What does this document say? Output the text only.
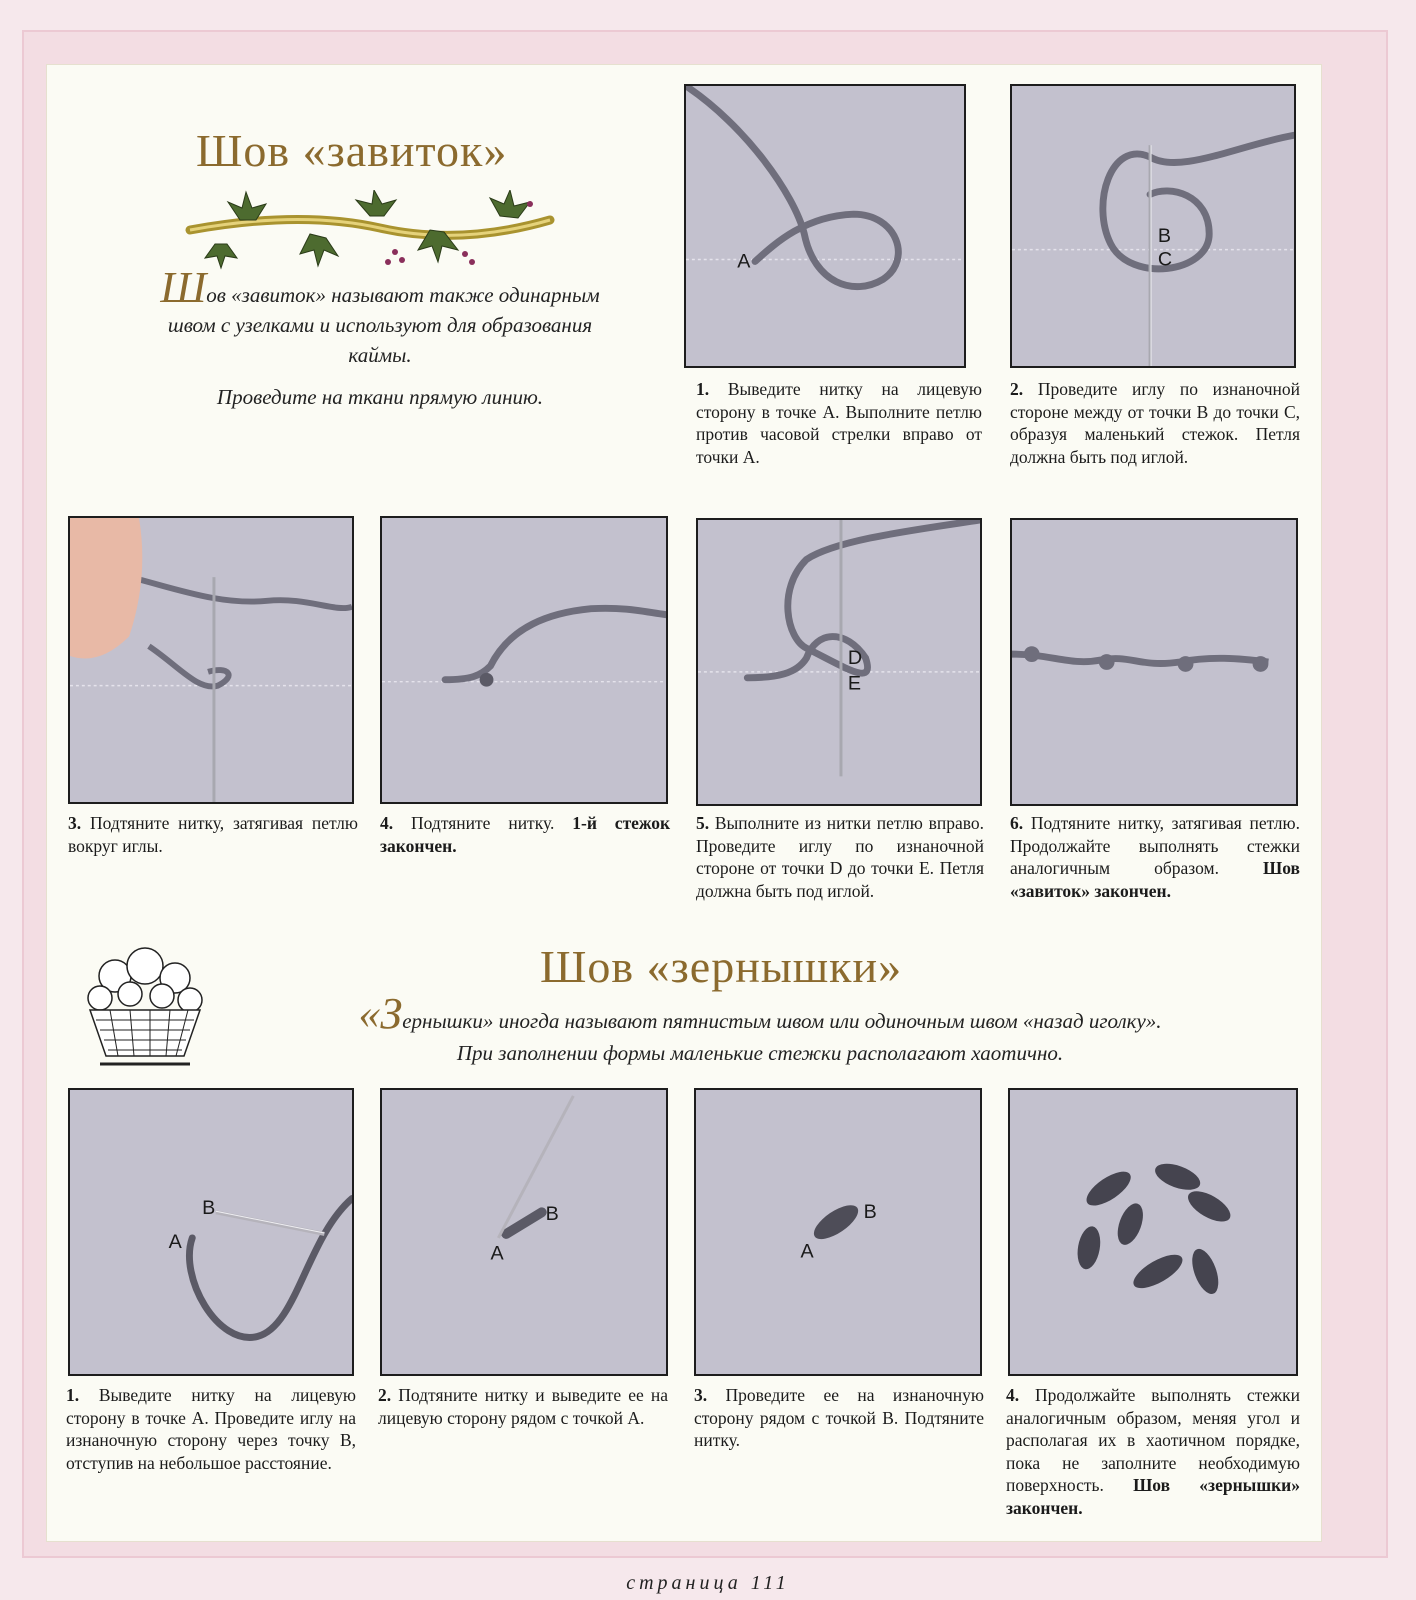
Шов «завиток»
Шов «завиток» называют также одинарным швом с узелками и используют для образования каймы.
Проведите на ткани прямую линию.
А
B
C
D
E
1. Выведите нитку на лицевую сторону в точке А. Выполните петлю против часовой стрелки вправо от точки А.
2. Проведите иглу по изнаночной стороне между от точки В до точки С, образуя маленький стежок. Петля должна быть под иглой.
3. Подтяните нитку, затягивая петлю вокруг иглы.
4. Подтяните нитку. 1-й стежок закончен.
5. Выполните из нитки петлю вправо. Проведите иглу по изнаночной стороне от точки D до точки Е. Петля должна быть под иглой.
6. Подтяните нитку, затягивая петлю. Продолжайте выполнять стежки аналогичным образом.	Шов «завиток» закончен.
Шов «зернышки»
«Зернышки» иногда называют пятнистым швом или одиночным швом «назад иголку».
При заполнении формы маленькие стежки располагают хаотично.
A
B
A
B
A
B
1. Выведите нитку на лицевую сторону в точке А. Проведите иглу на изнаночную сторону через точку В, отступив на небольшое расстояние.
2. Подтяните нитку и выведите ее на лицевую сторону рядом с точкой А.
3. Проведите ее на изнаночную сторону рядом с точкой В. Подтяните нитку.
4. Продолжайте выполнять стежки аналогичным образом, меняя угол и располагая их в хаотичном порядке, пока не заполните необходимую поверхность. Шов «зернышки» закончен.
страница 111
